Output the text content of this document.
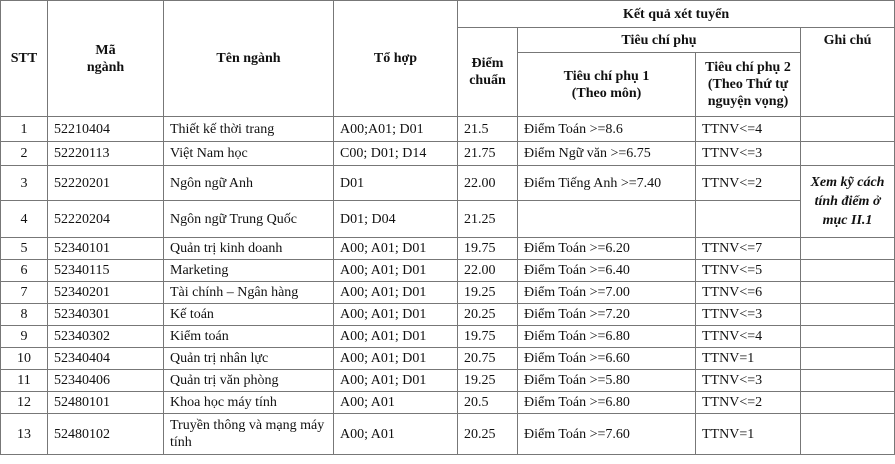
STT	Mã ngành	Tên ngành	Tổ hợp	Kết quả xét tuyển			
				Điểm chuẩn	Tiêu chí phụ		Ghi chú
					Tiêu chí phụ 1 (Theo môn)	Tiêu chí phụ 2 (Theo Thứ tự nguyện vọng)	
1	52210404	Thiết kế thời trang	A00;A01; D01	21.5	Điểm Toán >=8.6	TTNV<=4	
2	52220113	Việt Nam học	C00; D01; D14	21.75	Điểm Ngữ văn >=6.75	TTNV<=3	
3	52220201	Ngôn ngữ Anh	D01	22.00	Điểm Tiếng Anh >=7.40	TTNV<=2	Xem kỹ cách tính điểm ở mục II.1
4	52220204	Ngôn ngữ Trung Quốc	D01; D04	21.25			
5	52340101	Quản trị kinh doanh	A00; A01; D01	19.75	Điểm Toán >=6.20	TTNV<=7	
6	52340115	Marketing	A00; A01; D01	22.00	Điểm Toán >=6.40	TTNV<=5	
7	52340201	Tài chính – Ngân hàng	A00; A01; D01	19.25	Điểm Toán >=7.00	TTNV<=6	
8	52340301	Kế toán	A00; A01; D01	20.25	Điểm Toán >=7.20	TTNV<=3	
9	52340302	Kiểm toán	A00; A01; D01	19.75	Điểm Toán >=6.80	TTNV<=4	
10	52340404	Quản trị nhân lực	A00; A01; D01	20.75	Điểm Toán >=6.60	TTNV=1	
11	52340406	Quản trị văn phòng	A00; A01; D01	19.25	Điểm Toán >=5.80	TTNV<=3	
12	52480101	Khoa học máy tính	A00; A01	20.5	Điểm Toán >=6.80	TTNV<=2	
13	52480102	Truyền thông và mạng máy tính	A00; A01	20.25	Điểm Toán >=7.60	TTNV=1	
